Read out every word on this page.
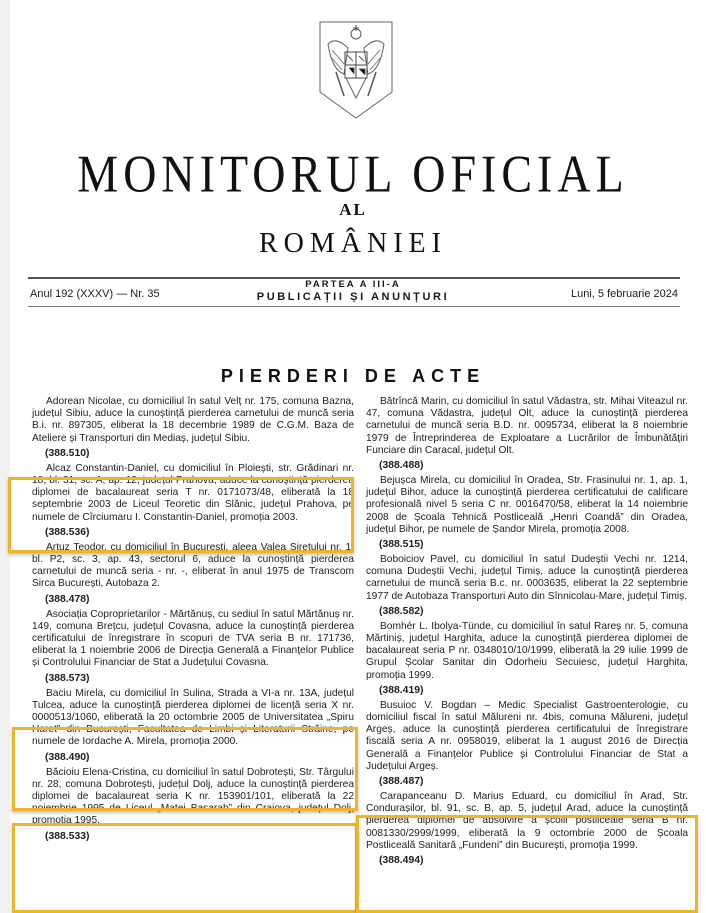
MONITORUL OFICIAL
AL
ROMÂNIEI
Anul 192 (XXXV) — Nr. 35
PARTEA A III-A
PUBLICAȚII ȘI ANUNȚURI	Luni, 5 februarie 2024
PIERDERI DE ACTE

Adorean Nicolae, cu domiciliul în satul Velț nr. 175, comuna Bazna, județul Sibiu, aduce la cunoștință pierderea carnetului de muncă seria B.i. nr. 897305, eliberat la 18 decembrie 1989 de C.G.M. Baza de Ateliere și Transporturi din Mediaș, județul Sibiu.

(388.510)

Alcaz Constantin-Daniel, cu domiciliul în Ploiești, str. Grădinari nr. 18, bl. 31, sc. A, ap. 12, județul Prahova, aduce la cunoștință pierderea diplomei de bacalaureat seria T nr. 0171073/48, eliberată la 18 septembrie 2003 de Liceul Teoretic din Slănic, județul Prahova, pe numele de Cîrciumaru I. Constantin-Daniel, promoția 2003.

(388.536)

Artuz Teodor, cu domiciliul în București, aleea Valea Siretului nr. 1, bl. P2, sc. 3, ap. 43, sectorul 6, aduce la cunoștință pierderea carnetului de muncă seria - nr. -, eliberat în anul 1975 de Transcom Sirca București, Autobaza 2.

(388.478)

Asociația Coproprietarilor - Mărtănuș, cu sediul în satul Mărtănuș nr. 149, comuna Brețcu, județul Covasna, aduce la cunoștință pierderea certificatului de înregistrare în scopuri de TVA seria B nr. 171736, eliberat la 1 noiembrie 2006 de Direcția Generală a Finanțelor Publice și Controlului Financiar de Stat a Județului Covasna.

(388.573)

Baciu Mirela, cu domiciliul în Sulina, Strada a VI-a nr. 13A, județul Tulcea, aduce la cunoștință pierderea diplomei de licență seria X nr. 0000513/1060, eliberată la 20 octombrie 2005 de Universitatea „Spiru Haret” din București, Facultatea de Limbi și Literaturii Străine, pe numele de Iordache A. Mirela, promoția 2000.

(388.490)

Băcioiu Elena-Cristina, cu domiciliul în satul Dobrotești, Str. Târgului nr. 28, comuna Dobrotești, județul Dolj, aduce la cunoștință pierderea diplomei de bacalaureat seria K nr. 153901/101, eliberată la 22 noiembrie 1995 de Liceul „Matei Basarab” din Craiova, județul Dolj, promoția 1995.

(388.533)

Bătrîncă Marin, cu domiciliul în satul Vădastra, str. Mihai Viteazul nr. 47, comuna Vădastra, județul Olt, aduce la cunoștință pierderea carnetului de muncă seria B.D. nr. 0095734, eliberat la 8 noiembrie 1979 de Întreprinderea de Exploatare a Lucrărilor de Îmbunătățiri Funciare din Caracal, județul Olt.

(388.488)

Bejușca Mirela, cu domiciliul în Oradea, Str. Frasinului nr. 1, ap. 1, județul Bihor, aduce la cunoștință pierderea certificatului de calificare profesională nivel 5 seria C nr. 0016470/58, eliberat la 14 noiembrie 2008 de Școala Tehnică Postliceală „Henri Coandă” din Oradea, județul Bihor, pe numele de Șandor Mirela, promoția 2008.

(388.515)

Boboiciov Pavel, cu domiciliul în satul Dudeștii Vechi nr. 1214, comuna Dudeștii Vechi, județul Timiș, aduce la cunoștință pierderea carnetului de muncă seria B.c. nr. 0003635, eliberat la 22 septembrie 1977 de Autobaza Transporturi Auto din Sînnicolau-Mare, județul Timiș.

(388.582)

Bomhér L. Ibolya-Tünde, cu domiciliul în satul Rareș nr. 5, comuna Mărtiniș, județul Harghita, aduce la cunoștință pierderea diplomei de bacalaureat seria P nr. 0348010/10/1999, eliberată la 29 iulie 1999 de Grupul Școlar Sanitar din Odorheiu Secuiesc, județul Harghita, promoția 1999.

(388.419)

Busuioc V. Bogdan – Medic Specialist Gastroenterologie, cu domiciliul fiscal în satul Mălureni nr. 4bis, comuna Mălureni, județul Argeș, aduce la cunoștință pierderea certificatului de înregistrare fiscală seria A nr. 0958019, eliberat la 1 august 2016 de Direcția Generală a Finanțelor Publice și Controlului Financiar de Stat a Județului Argeș.

(388.487)

Carapanceanu D. Marius Eduard, cu domiciliul în Arad, Str. Condurașilor, bl. 91, sc. B, ap. 5, județul Arad, aduce la cunoștință pierderea diplomei de absolvire a școlii postliceale seria B nr. 0081330/2999/1999, eliberată la 9 octombrie 2000 de Școala Postliceală Sanitară „Fundeni” din București, promoția 1999.

(388.494)
